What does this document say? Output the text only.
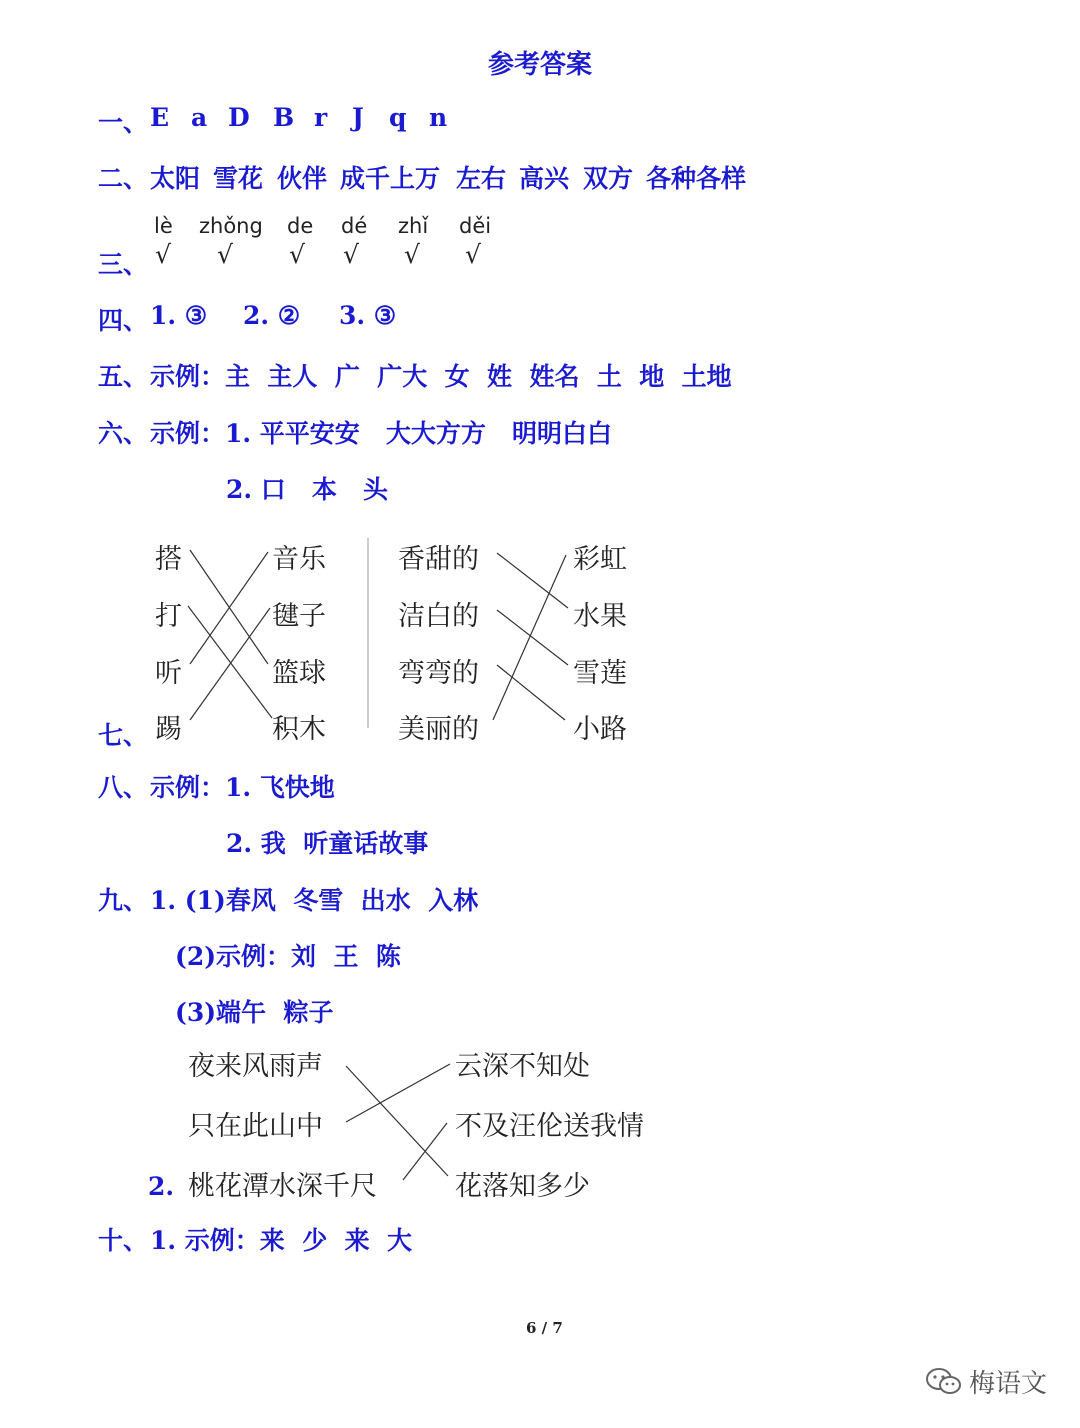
参考答案
一、 E a D B r J q n
二、 太阳 雪花 伙伴 成千上万 左右 高兴 双方 各种各样
lè zhǒng de dé zhǐ děi
三、 √ √ √ √ √ √
四、 1. ③ 2. ② 3. ③
五、 示例：主  主人  广  广大  女  姓  姓名  土  地  土地
六、 示例：1. 平平安安   大大方方   明明白白
2. 口   本   头
搭
打
听
踢
音乐
毽子
篮球
积木
香甜的
洁白的
弯弯的
美丽的
彩虹
水果
雪莲
小路
七、
八、 示例：1. 飞快地
2. 我  听童话故事
九、 1. (1)春风  冬雪  出水  入林
(2)示例：刘  王  陈
(3)端午  粽子
夜来风雨声
只在此山中
桃花潭水深千尺
云深不知处
不及汪伦送我情
花落知多少
2.
十、 1. 示例：来  少  来  大
6 / 7
梅语文
